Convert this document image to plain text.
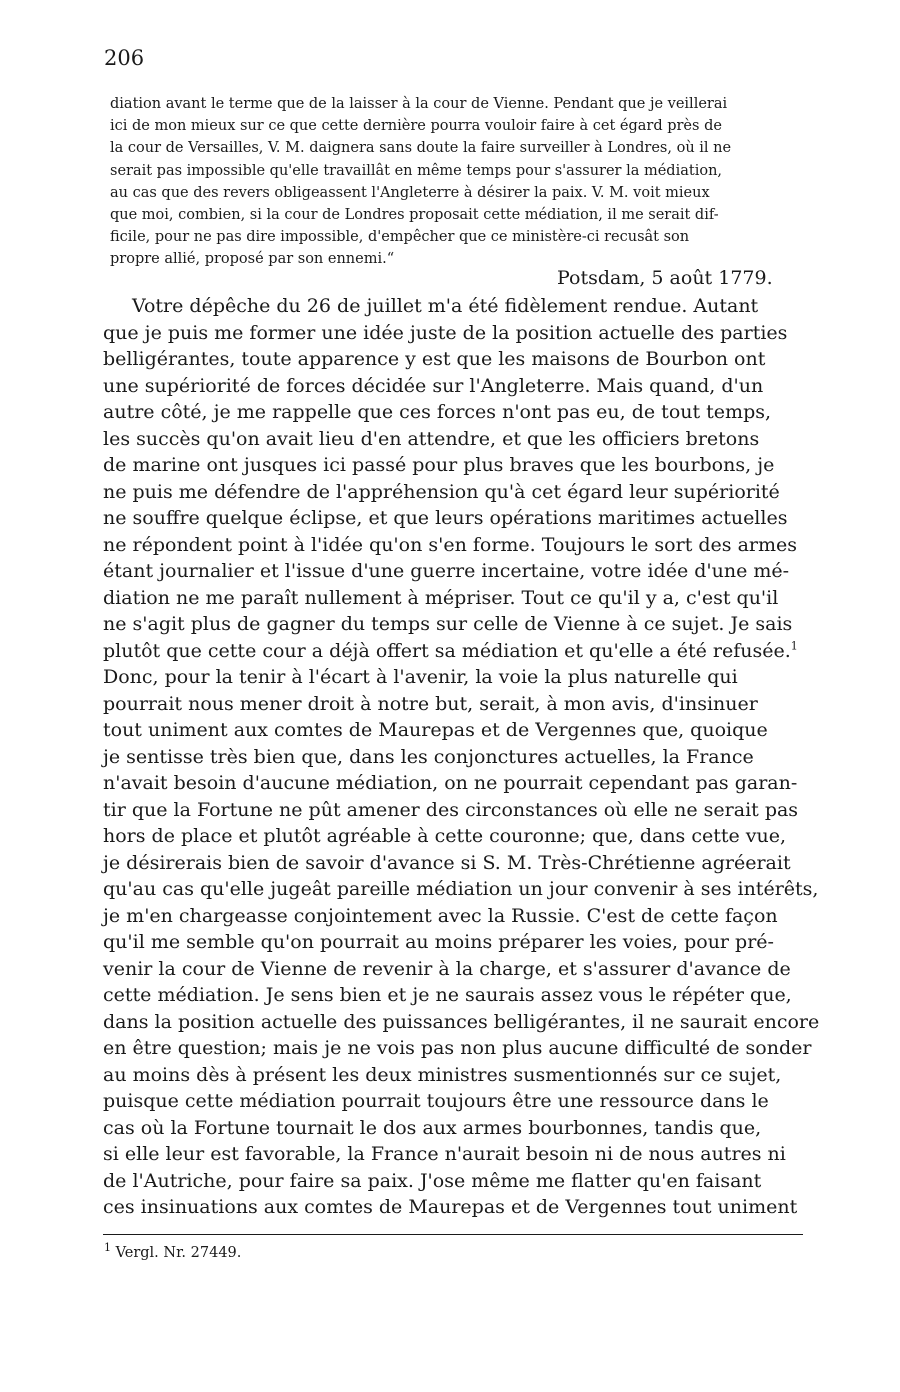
206
diation avant le terme que de la laisser à la cour de Vienne. Pendant que je veillerai
ici de mon mieux sur ce que cette dernière pourra vouloir faire à cet égard près de
la cour de Versailles, V. M. daignera sans doute la faire surveiller à Londres, où il ne
serait pas impossible qu'elle travaillât en même temps pour s'assurer la médiation,
au cas que des revers obligeassent l'Angleterre à désirer la paix. V. M. voit mieux
que moi, combien, si la cour de Londres proposait cette médiation, il me serait dif-
ficile, pour ne pas dire impossible, d'empêcher que ce ministère-ci recusât son
propre allié, proposé par son ennemi.“
Potsdam, 5 août 1779.
Votre dépêche du 26 de juillet m'a été fidèlement rendue. Autant
que je puis me former une idée juste de la position actuelle des parties
belligérantes, toute apparence y est que les maisons de Bourbon ont
une supériorité de forces décidée sur l'Angleterre. Mais quand, d'un
autre côté, je me rappelle que ces forces n'ont pas eu, de tout temps,
les succès qu'on avait lieu d'en attendre, et que les officiers bretons
de marine ont jusques ici passé pour plus braves que les bourbons, je
ne puis me défendre de l'appréhension qu'à cet égard leur supériorité
ne souffre quelque éclipse, et que leurs opérations maritimes actuelles
ne répondent point à l'idée qu'on s'en forme. Toujours le sort des armes
étant journalier et l'issue d'une guerre incertaine, votre idée d'une mé-
diation ne me paraît nullement à mépriser. Tout ce qu'il y a, c'est qu'il
ne s'agit plus de gagner du temps sur celle de Vienne à ce sujet. Je sais
plutôt que cette cour a déjà offert sa médiation et qu'elle a été refusée.$^1$
Donc, pour la tenir à l'écart à l'avenir, la voie la plus naturelle qui
pourrait nous mener droit à notre but, serait, à mon avis, d'insinuer
tout uniment aux comtes de Maurepas et de Vergennes que, quoique
je sentisse très bien que, dans les conjonctures actuelles, la France
n'avait besoin d'aucune médiation, on ne pourrait cependant pas garan-
tir que la Fortune ne pût amener des circonstances où elle ne serait pas
hors de place et plutôt agréable à cette couronne; que, dans cette vue,
je désirerais bien de savoir d'avance si S. M. Très-Chrétienne agréerait
qu'au cas qu'elle jugeât pareille médiation un jour convenir à ses intérêts,
je m'en chargeasse conjointement avec la Russie. C'est de cette façon
qu'il me semble qu'on pourrait au moins préparer les voies, pour pré-
venir la cour de Vienne de revenir à la charge, et s'assurer d'avance de
cette médiation. Je sens bien et je ne saurais assez vous le répéter que,
dans la position actuelle des puissances belligérantes, il ne saurait encore
en être question; mais je ne vois pas non plus aucune difficulté de sonder
au moins dès à présent les deux ministres susmentionnés sur ce sujet,
puisque cette médiation pourrait toujours être une ressource dans le
cas où la Fortune tournait le dos aux armes bourbonnes, tandis que,
si elle leur est favorable, la France n'aurait besoin ni de nous autres ni
de l'Autriche, pour faire sa paix. J'ose même me flatter qu'en faisant
ces insinuations aux comtes de Maurepas et de Vergennes tout uniment
$^1$ Vergl. Nr. 27449.
